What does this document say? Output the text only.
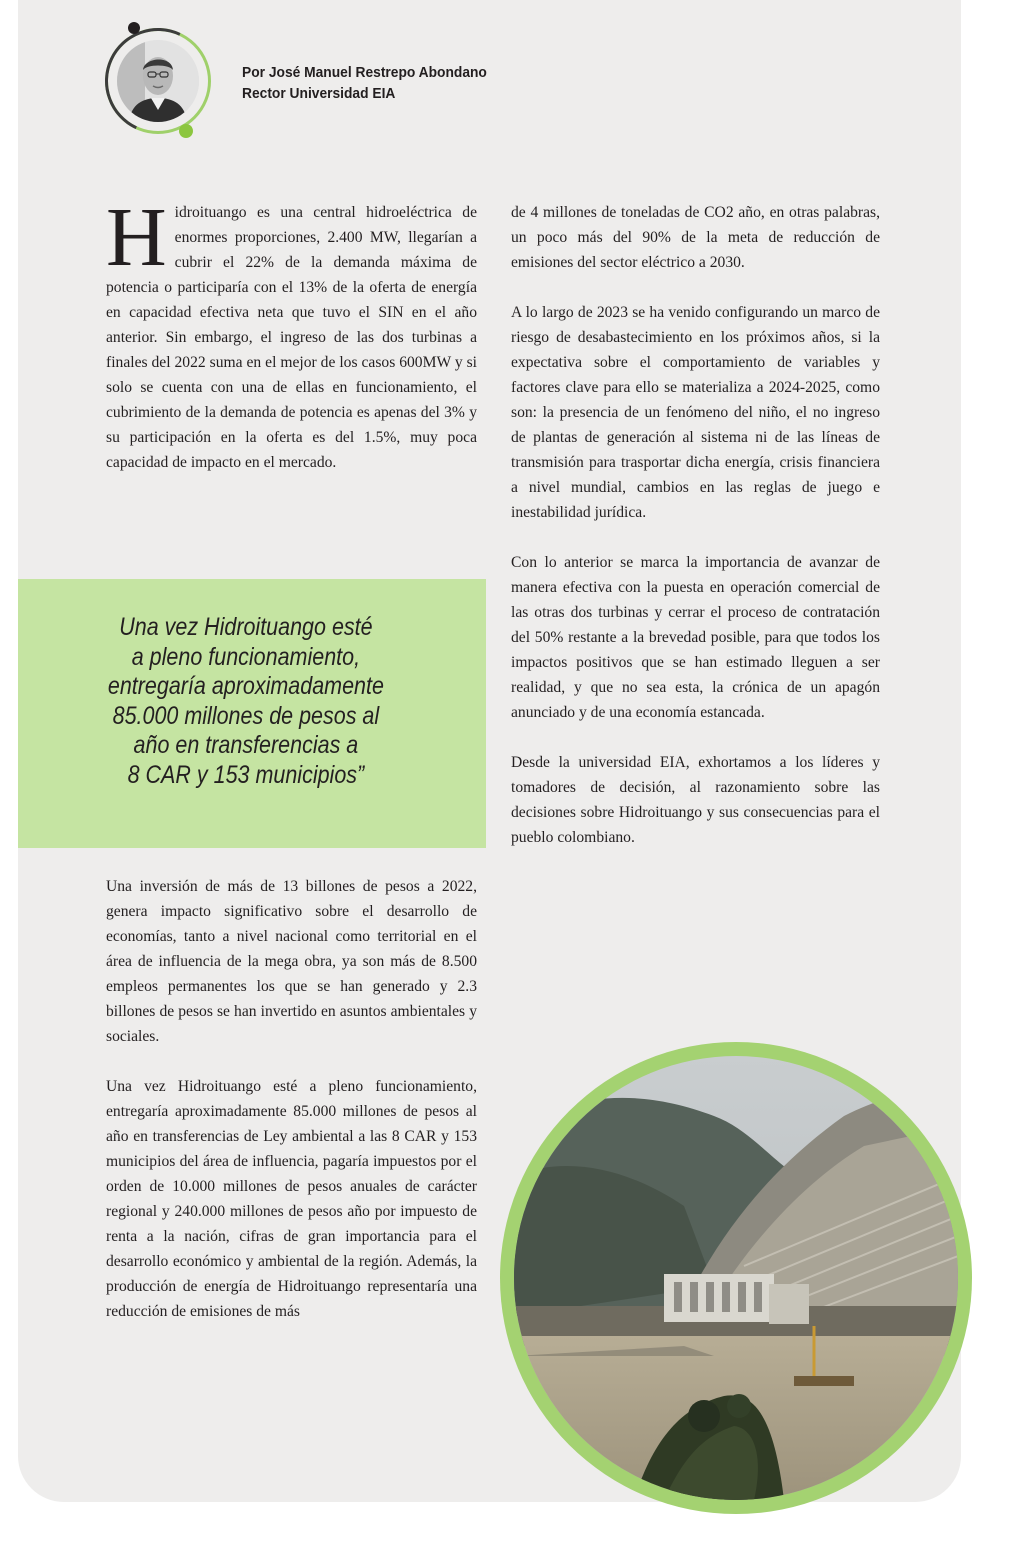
Por José Manuel Restrepo Abondano
Rector Universidad EIA

Hidroituango es una central hidroeléctrica de enormes proporciones, 2.400 MW, llegarían a cubrir el 22% de la demanda máxima de potencia o participaría con el 13% de la oferta de energía en capacidad efectiva neta que tuvo el SIN en el año anterior. Sin embargo, el ingreso de las dos turbinas a finales del 2022 suma en el mejor de los casos 600MW y si solo se cuenta con una de ellas en funcionamiento, el cubrimiento de la demanda de potencia es apenas del 3% y su participación en la oferta es del 1.5%, muy poca capacidad de impacto en el mercado.

Una vez Hidroituango esté
a pleno funcionamiento,
entregaría aproximadamente
85.000 millones de pesos al
año en transferencias a
8 CAR y 153 municipios”

Una inversión de más de 13 billones de pesos a 2022, genera impacto significativo sobre el desarrollo de economías, tanto a nivel nacional como territorial en el área de influencia de la mega obra, ya son más de 8.500 empleos permanentes los que se han generado y 2.3 billones de pesos se han invertido en asuntos ambientales y sociales.

Una vez Hidroituango esté a pleno funcionamiento, entregaría aproximadamente 85.000 millones de pesos al año en transferencias de Ley ambiental a las 8 CAR y 153 municipios del área de influencia, pagaría impuestos por el orden de 10.000 millones de pesos anuales de carácter regional y 240.000 millones de pesos año por impuesto de renta a la nación, cifras de gran importancia para el desarrollo económico y ambiental de la región. Además, la producción de energía de Hidroituango representaría una reducción de emisiones de más

de 4 millones de toneladas de CO2 año, en otras palabras, un poco más del 90% de la meta de reducción de emisiones del sector eléctrico a 2030.

A lo largo de 2023 se ha venido configurando un marco de riesgo de desabastecimiento en los próximos años, si la expectativa sobre el comportamiento de variables y factores clave para ello se materializa a 2024-2025, como son: la presencia de un fenómeno del niño, el no ingreso de plantas de generación al sistema ni de las líneas de transmisión para trasportar dicha energía, crisis financiera a nivel mundial, cambios en las reglas de juego e inestabilidad jurídica.

Con lo anterior se marca la importancia de avanzar de manera efectiva con la puesta en operación comercial de las otras dos turbinas y cerrar el proceso de contratación del 50% restante a la brevedad posible, para que todos los impactos positivos que se han estimado lleguen a ser realidad, y que no sea esta, la crónica de un apagón anunciado y de una economía estancada.

Desde la universidad EIA, exhortamos a los líderes y tomadores de decisión, al razonamiento sobre las decisiones sobre Hidroituango y sus consecuencias para el pueblo colombiano.
